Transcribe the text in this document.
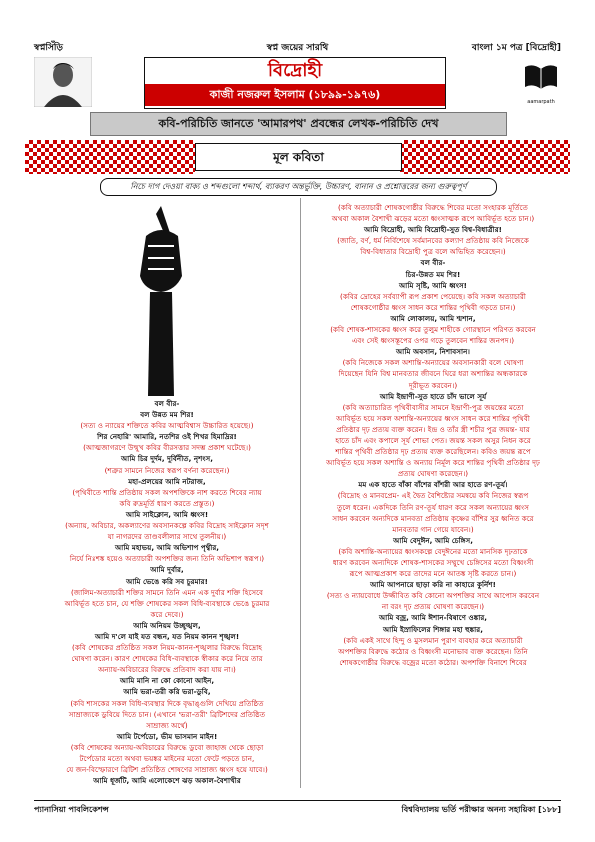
স্বপ্নসিঁড়ি	স্বপ্ন জয়ের সারথি	বাংলা ১ম পত্র [বিদ্রোহী]
বিদ্রোহী
কাজী নজরুল ইসলাম (১৮৯৯-১৯৭৬)
aamarpath
কবি-পরিচিতি জানতে 'আমারপথ' প্রবন্ধের লেখক-পরিচিতি দেখ
মূল কবিতা
নিচে দাগ দেওয়া বাক্য ও শব্দগুলো শব্দার্থ, ব্যাকরণ অন্তর্ভুক্তি, উচ্চারণ, বানান ও প্রশ্নোত্তরের জন্য গুরুত্বপূর্ণ
বল বীর-
বল উন্নত মম শির!
(সত্য ও ন্যায়ের শক্তিতে কবির আত্মবিশ্বাস উচ্চারিত হয়েছে।)
শির নেহারি' আমারি, নতশির ওই শিখর হিমাদ্রির!
(আত্মজাগরণে উন্মুখ কবির বীরসত্তার সদম্ভ প্রকাশ ঘটেছে।)
আমি চির দুর্দম, দুর্বিনীত, নৃশংস,
(শত্রুর সামনে নিজের স্বরূপ বর্ণনা করেছেন।)
মহা-প্রলয়ের আমি নটরাজ,
(পৃথিবীতে শান্তি প্রতিষ্ঠায় সকল অপশক্তিকে নাশ করতে শিবের ন্যায়
কবি রুদ্রমূর্তি ধারণ করতে প্রস্তুত।)
আমি সাইক্লোন, আমি ধ্বংস!
(অন্যায়, অবিচার, অকল্যাণের অবসানকল্পে কবির বিদ্রোহ সাইক্লোন সদৃশ
যা নাগরদের তাণ্ডবলীলার সাথে তুলনীয়।)
আমি মহাভয়, আমি অভিশাপ পৃথ্বীর,
নির্যে নিঃশঙ্ক হয়েও অত্যাচারী অপশক্তির জন্য তিনি অভিশাপ স্বরূপ।)
আমি দুর্বার,
আমি ভেঙে করি সব চুরমার!
(জালিম-অত্যাচারী শক্তির সামনে তিনি এমন এক দুর্বার শক্তি হিসেবে
আবির্ভূত হতে চান, যে শক্তি শোষকের সকল বিধি-ব্যবস্থাকে ভেঙে চুরমার
করে দেবে।)
আমি অনিয়ম উচ্ছৃঙ্খল,
আমি দ'লে যাই যত বন্ধন, যত নিয়ম কানন শৃঙ্খল!
(কবি শোষকের প্রতিষ্ঠিত সকল নিয়ম-কানন-শৃঙ্খলার বিরুদ্ধে বিদ্রোহ
ঘোষণা করেন। কারণ শোষকের বিধি-ব্যবস্থাকে স্বীকার করে নিয়ে তার
অন্যায়-অবিচারের বিরুদ্ধে প্রতিবাদ করা যায় না।)
আমি মানি না কো কোনো আইন,
আমি ভরা-তরী করি ভরা-ডুবি,
(কবি শাসকের সকল বিধি-ব্যবস্থার দিকে বৃদ্ধাঙ্গুলি দেখিয়ে প্রতিষ্ঠিত
সাম্রাজ্যকে ডুবিয়ে দিতে চান। (এখানে 'ভরা-তরী' ব্রিটিশদের প্রতিষ্ঠিত
সাম্রাজ্য অর্থে)
আমি টর্পেডো, ভীম ভাসমান মাইন!
(কবি শোষকের অন্যায়-অবিচারের বিরুদ্ধে ডুবো জাহাজ থেকে ছোড়া
টর্পেডোর মতো অথবা ভয়ঙ্কর মাইনের মতো ফেটে পড়তে চান,
যে জন-বিস্ফোরণে ব্রিটিশ প্রতিষ্ঠিত শোষণের সাম্রাজ্য ধ্বংস হয়ে যাবে।)
আমি ধূর্জটি, আমি এলোকেশে ঝড় অকাল-বৈশাখীর
(কবি অত্যাচারী শোষকগোষ্ঠীর বিরুদ্ধে শিবের মতো সংহারক মূর্তিতে
অথবা অকাল বৈশাখী ঝড়ের মতো ধ্বংসাত্মক রূপে আবির্ভূত হতে চান।)
আমি বিদ্রোহী, আমি বিদ্রোহী-সুত বিশ্ব-বিধাত্রীর!
(জাতি, বর্ণ, ধর্ম নির্বিশেষে সর্বমানবের কল্যাণ প্রতিষ্ঠায় কবি নিজেকে
বিশ্ব-বিধাতার বিদ্রোহী পুত্র বলে অভিহিত করেছেন।)
বল বীর-
চির-উন্নত মম শির!
আমি সৃষ্টি, আমি ধ্বংস!
(কবির দ্রোহের সর্বব্যাপী রূপ প্রকাশ পেয়েছে। কবি সকল অত্যাচারী
শোষকগোষ্ঠীর ধ্বংস সাধন করে শান্তির পৃথিবী গড়তে চান।)
আমি লোকালয়, আমি শ্মশান,
(কবি শোষক-শাসকের ধ্বংস করে তুলুম শাহীকে গোরস্থানে পরিণত করবেন
এবং সেই ধ্বংসস্তূপের ওপর গড়ে তুলবেন শান্তির জনপদ।)
আমি অবসান, নিশাবসান।
(কবি নিজেকে সকল অশান্তি-অন্যায়ের অবসানকারী বলে ঘোষণা
দিয়েছেন যিনি বিশ্ব মানবতার জীবনে ঘিরে ধরা অশান্তির অন্ধকারকে
দূরীভূত করবেন।)
আমি ইন্দ্রাণী-সুত হাতে চাঁদ ভালে সূর্য
(কবি অত্যাচারিত পৃথিবীবাসীর সামনে ইন্দ্রাণী-পুত্র জয়ন্তের মতো
আবির্ভূত হয়ে সকল অশান্তি-অন্যায়ের ধ্বংস সাধন করে শান্তির পৃথিবী
প্রতিষ্ঠার দৃঢ় প্রত্যয় ব্যক্ত করেন। ইন্দ্র ও তাঁর স্ত্রী শচীর পুত্র জয়ন্ত- যার
হাতে চাঁদ এবং কপালে সূর্য শোভা পেত। জয়ন্ত সকল অসুর নিধন করে
শান্তির পৃথিবী প্রতিষ্ঠার দৃঢ় প্রত্যয় ব্যক্ত করেছিলেন। কবিও জয়ন্ত রূপে
আবির্ভূত হয়ে সকল অশান্তি ও অন্যায় নির্মূল করে শান্তির পৃথিবী প্রতিষ্ঠার দৃঢ়
প্রত্যয় ঘোষণা করেছেন।)
মম এক হাতে বাঁকা বাঁশের বাঁশরী আর হাতে রণ-তূর্য।
(বিদ্রোহ ও মানবপ্রেম- এই দ্বৈত বৈশিষ্ট্যের সমন্বয়ে কবি নিজের স্বরূপ
তুলে ধরেন। একদিকে তিনি রণ-তূর্য ধারণ করে সকল অন্যায়ের ধ্বংস
সাধন করবেন অন্যদিকে মানবতা প্রতিষ্ঠায় কৃষ্ণের বাঁশির সুর ধ্বনিত করে
মানবতার গান গেয়ে যাবেন।)
আমি বেদুঈন, আমি চেঙ্গিস,
(কবি অশান্তি-অন্যায়ের ধ্বংসকল্পে বেদুঈনের মতো মানসিক দৃঢ়তাকে
ধারণ করবেন অন্যদিকে শোষক-শাসকের সম্মুখে চেঙ্গিসের মতো বিধ্বংসী
রূপে আত্মপ্রকাশ করে তাদের মনে আতঙ্ক সৃষ্টি করতে চান।)
আমি আপনারে ছাড়া করি না কাহারে কুর্নিশ!
(সত্য ও ন্যায়বোধে উজ্জীবিত কবি কোনো অপশক্তির সাথে আপোস করবেন
না বরং দৃঢ় প্রত্যয় ঘোষণা করেছেন।)
আমি বজ্র, আমি ঈশান-বিষাণে ওঙ্কার,
আমি ইস্রাফিলের শিঙ্গার মহা হুঙ্কার,
(কবি একই সাথে হিন্দু ও মুসলমান পুরাণ ব্যবহার করে অত্যাচারী
অপশক্তির বিরুদ্ধে কঠোর ও বিধ্বংসী মনোভাব ব্যক্ত করেছেন। তিনি
শোষকগোষ্ঠীর বিরুদ্ধে বজ্রের মতো কঠোর। অপশক্তি বিনাশে শিবের
প্যানাসিয়া পাবলিকেশন্স	বিশ্ববিদ্যালয় ভর্তি পরীক্ষার অনন্য সহায়িকা [১৮৮]
